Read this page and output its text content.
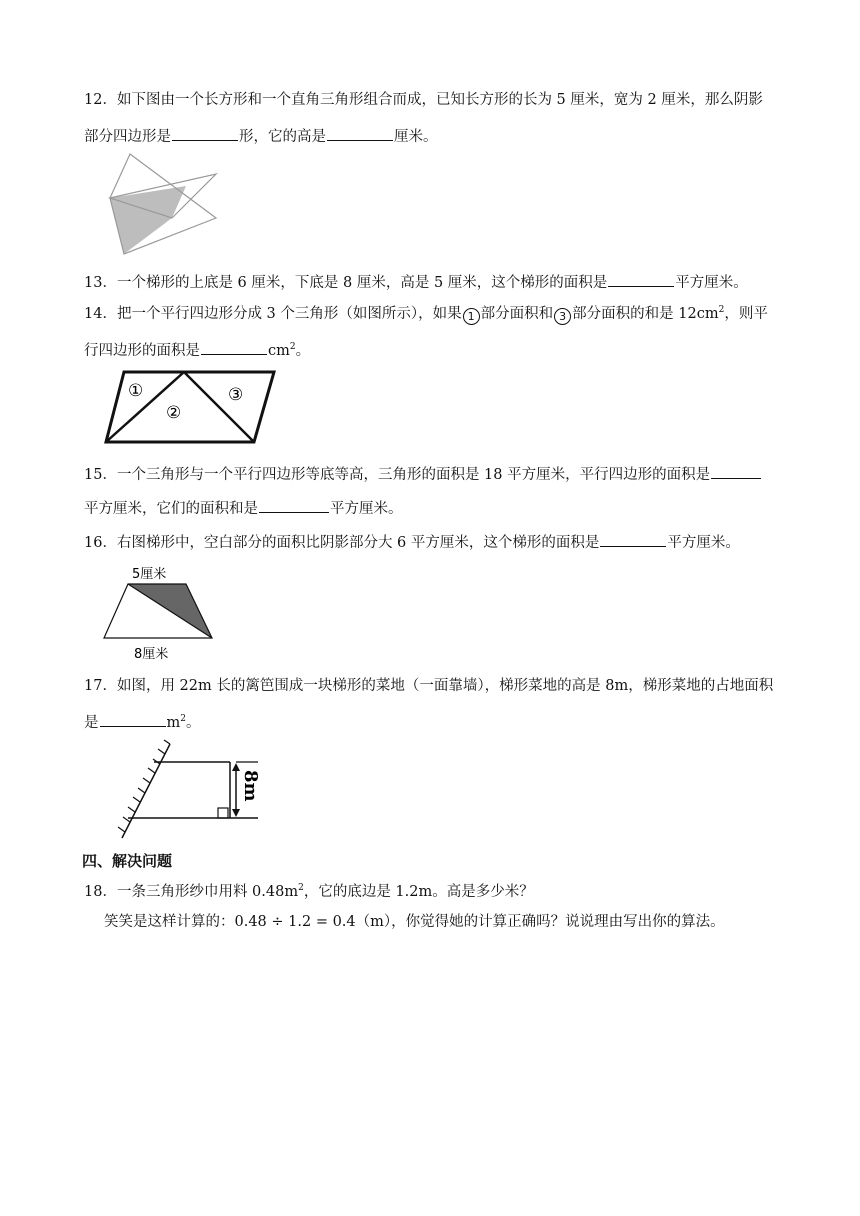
12．如下图由一个长方形和一个直角三角形组合而成，已知长方形的长为 5 厘米，宽为 2 厘米，那么阴影
部分四边形是	形，它的高是	厘米。
13．一个梯形的上底是 6 厘米，下底是 8 厘米，高是 5 厘米，这个梯形的面积是	平方厘米。
14．把一个平行四边形分成 3 个三角形（如图所示），如果 1 部分面积和 3 部分面积的和是 $12cm^2$，则平
行四边形的面积是	$cm^2$。
①
②
③
15．一个三角形与一个平行四边形等底等高，三角形的面积是 18 平方厘米，平行四边形的面积是
平方厘米，它们的面积和是	平方厘米。
16．右图梯形中，空白部分的面积比阴影部分大 6 平方厘米，这个梯形的面积是	平方厘米。
5厘米
8厘米
17．如图，用 22m 长的篱笆围成一块梯形的菜地（一面靠墙），梯形菜地的高是 8m，梯形菜地的占地面积
是	$m^2$。
8m
四、解决问题
18．一条三角形纱巾用料 $0.48m^2$，它的底边是 1.2m。高是多少米？
笑笑是这样计算的：0.48 ÷ 1.2 = 0.4（m），你觉得她的计算正确吗？说说理由写出你的算法。
